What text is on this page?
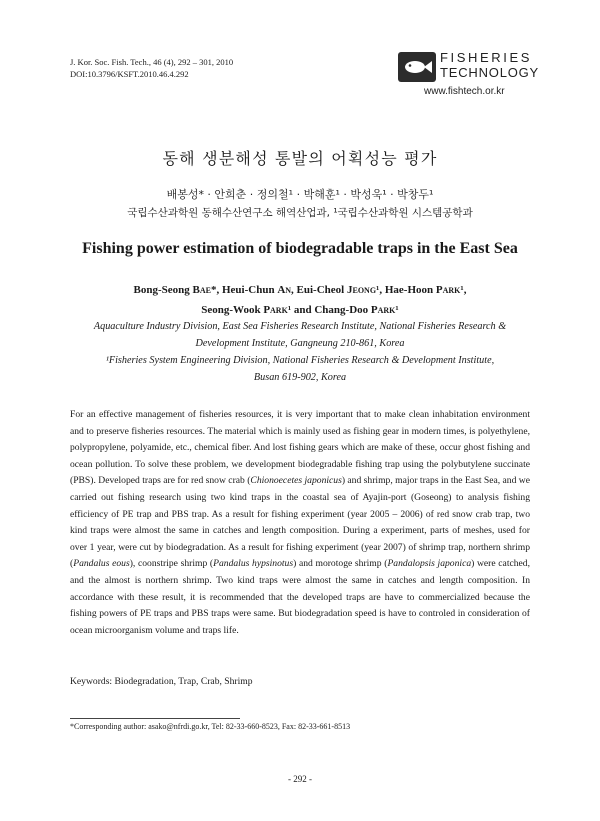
J. Kor. Soc. Fish. Tech., 46 (4), 292 – 301, 2010
DOI:10.3796/KSFT.2010.46.4.292
FISHERIES
TECHNOLOGY
www.fishtech.or.kr
동해 생분해성 통발의 어획성능 평가
배봉성* · 안희춘 · 정의철¹ · 박해훈¹ · 박성욱¹ · 박창두¹
국립수산과학원 동해수산연구소 해역산업과, ¹국립수산과학원 시스템공학과
Fishing power estimation of biodegradable traps in the East Sea
Bong-Seong Bae*, Heui-Chun An, Eui-Cheol Jeong¹, Hae-Hoon Park¹,
Seong-Wook Park¹ and Chang-Doo Park¹
Aquaculture Industry Division, East Sea Fisheries Research Institute, National Fisheries Research &
Development Institute, Gangneung 210-861, Korea
¹Fisheries System Engineering Division, National Fisheries Research & Development Institute,
Busan 619-902, Korea
For an effective management of fisheries resources, it is very important that to make clean inhabitation environment and to preserve fisheries resources. The material which is mainly used as fishing gear in modern times, is polyethylene, polypropylene, polyamide, etc., chemical fiber. And lost fishing gears which are make of these, occur ghost fishing and ocean pollution. To solve these problem, we development biodegradable fishing trap using the polybutylene succinate (PBS). Developed traps are for red snow crab (Chionoecetes japonicus) and shrimp, major traps in the East Sea, and we carried out fishing research using two kind traps in the coastal sea of Ayajin-port (Goseong) to analysis fishing efficiency of PE trap and PBS trap. As a result for fishing experiment (year 2005 – 2006) of red snow crab trap, two kind traps were almost the same in catches and length composition. During a experiment, parts of meshes, used for over 1 year, were cut by biodegradation. As a result for fishing experiment (year 2007) of shrimp trap, northern shrimp (Pandalus eous), coonstripe shrimp (Pandalus hypsinotus) and morotoge shrimp (Pandalopsis japonica) were catched, and the almost is northern shrimp. Two kind traps were almost the same in catches and length composition. In accordance with these result, it is recommended that the developed traps are have to commercialized because the fishing powers of PE traps and PBS traps were same. But biodegradation speed is have to controled in consideration of ocean microorganism volume and traps life.
Keywords: Biodegradation, Trap, Crab, Shrimp
*Corresponding author: asako@nfrdi.go.kr, Tel: 82-33-660-8523, Fax: 82-33-661-8513
- 292 -
